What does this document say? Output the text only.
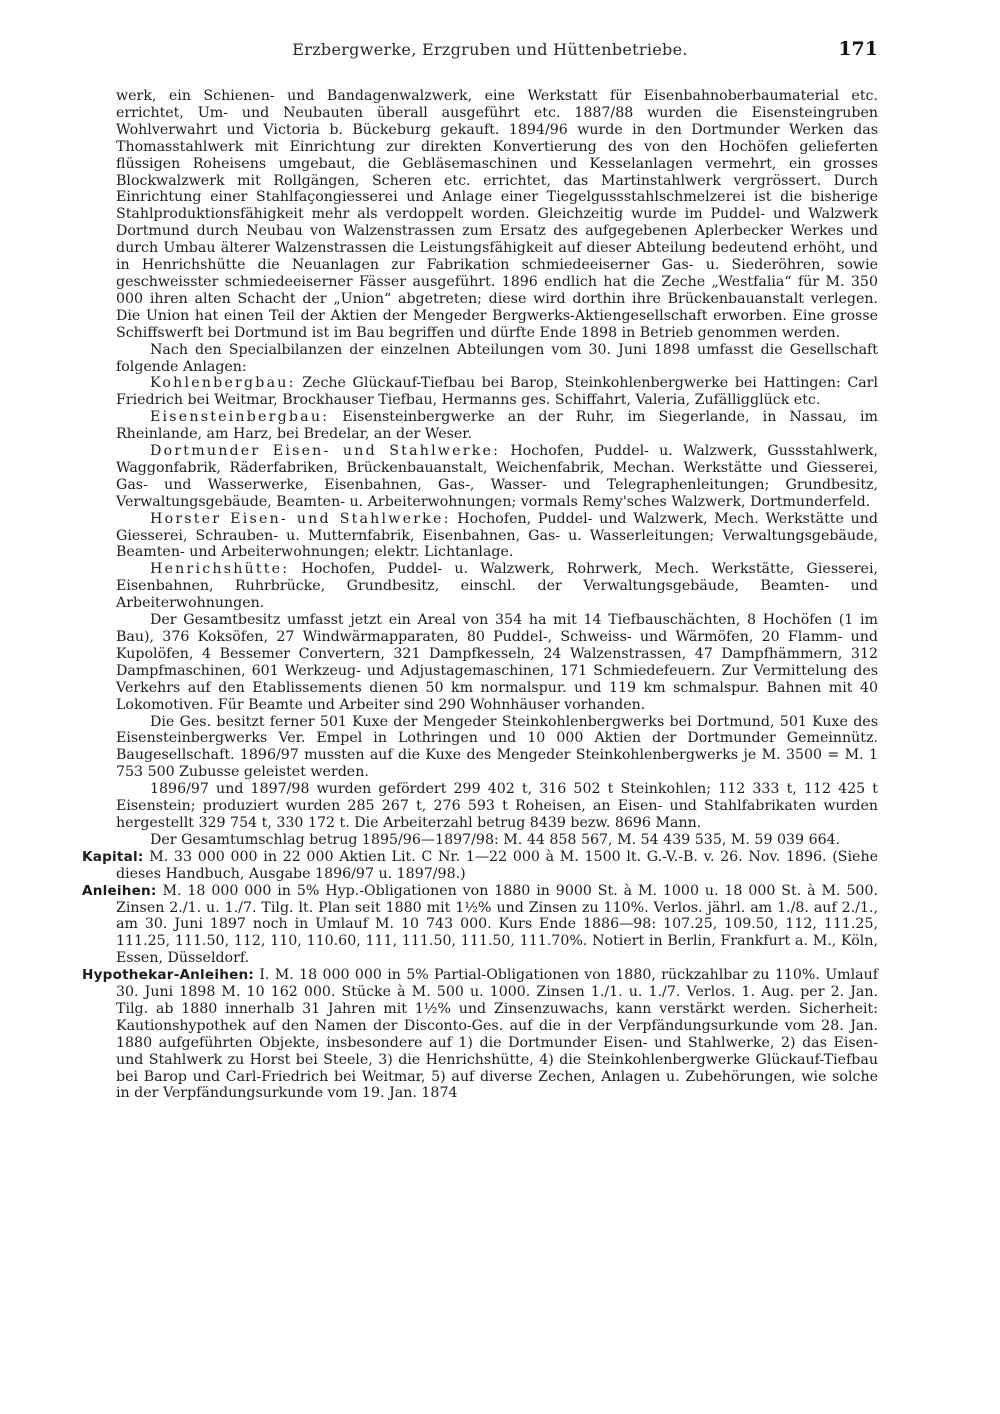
Erzbergwerke, Erzgruben und Hüttenbetriebe.	171

werk, ein Schienen- und Bandagenwalzwerk, eine Werkstatt für Eisenbahnoberbaumaterial etc. errichtet, Um- und Neubauten überall ausgeführt etc. 1887/88 wurden die Eisensteingruben Wohlverwahrt und Victoria b. Bückeburg gekauft. 1894/96 wurde in den Dortmunder Werken das Thomasstahlwerk mit Einrichtung zur direkten Konvertierung des von den Hochöfen gelieferten flüssigen Roheisens umgebaut, die Gebläsemaschinen und Kesselanlagen vermehrt, ein grosses Blockwalzwerk mit Rollgängen, Scheren etc. errichtet, das Martinstahlwerk vergrössert. Durch Einrichtung einer Stahlfaçongiesserei und Anlage einer Tiegelgussstahlschmelzerei ist die bisherige Stahlproduktionsfähigkeit mehr als verdoppelt worden. Gleichzeitig wurde im Puddel- und Walzwerk Dortmund durch Neubau von Walzenstrassen zum Ersatz des aufgegebenen Aplerbecker Werkes und durch Umbau älterer Walzenstrassen die Leistungsfähigkeit auf dieser Abteilung bedeutend erhöht, und in Henrichshütte die Neuanlagen zur Fabrikation schmiedeeiserner Gas- u. Siederöhren, sowie geschweisster schmiedeeiserner Fässer ausgeführt. 1896 endlich hat die Zeche „Westfalia“ für M. 350 000 ihren alten Schacht der „Union“ abgetreten; diese wird dorthin ihre Brückenbauanstalt verlegen. Die Union hat einen Teil der Aktien der Mengeder Bergwerks-Aktiengesellschaft erworben. Eine grosse Schiffswerft bei Dortmund ist im Bau begriffen und dürfte Ende 1898 in Betrieb genommen werden.

Nach den Specialbilanzen der einzelnen Abteilungen vom 30. Juni 1898 umfasst die Gesellschaft folgende Anlagen:

Kohlenbergbau: Zeche Glückauf-Tiefbau bei Barop, Steinkohlenbergwerke bei Hattingen: Carl Friedrich bei Weitmar, Brockhauser Tiefbau, Hermanns ges. Schiffahrt, Valeria, Zufälligglück etc.

Eisensteinbergbau: Eisensteinbergwerke an der Ruhr, im Siegerlande, in Nassau, im Rheinlande, am Harz, bei Bredelar, an der Weser.

Dortmunder Eisen- und Stahlwerke: Hochofen, Puddel- u. Walzwerk, Gussstahlwerk, Waggonfabrik, Räderfabriken, Brückenbauanstalt, Weichenfabrik, Mechan. Werkstätte und Giesserei, Gas- und Wasserwerke, Eisenbahnen, Gas-, Wasser- und Telegraphenleitungen; Grundbesitz, Verwaltungsgebäude, Beamten- u. Arbeiterwohnungen; vormals Remy'sches Walzwerk, Dortmunderfeld.

Horster Eisen- und Stahlwerke: Hochofen, Puddel- und Walzwerk, Mech. Werkstätte und Giesserei, Schrauben- u. Mutternfabrik, Eisenbahnen, Gas- u. Wasserleitungen; Verwaltungsgebäude, Beamten- und Arbeiterwohnungen; elektr. Lichtanlage.

Henrichshütte: Hochofen, Puddel- u. Walzwerk, Rohrwerk, Mech. Werkstätte, Giesserei, Eisenbahnen, Ruhrbrücke, Grundbesitz, einschl. der Verwaltungsgebäude, Beamten- und Arbeiterwohnungen.

Der Gesamtbesitz umfasst jetzt ein Areal von 354 ha mit 14 Tiefbauschächten, 8 Hochöfen (1 im Bau), 376 Koksöfen, 27 Windwärmapparaten, 80 Puddel-, Schweiss- und Wärmöfen, 20 Flamm- und Kupolöfen, 4 Bessemer Convertern, 321 Dampfkesseln, 24 Walzenstrassen, 47 Dampfhämmern, 312 Dampfmaschinen, 601 Werkzeug- und Adjustagemaschinen, 171 Schmiedefeuern. Zur Vermittelung des Verkehrs auf den Etablissements dienen 50 km normalspur. und 119 km schmalspur. Bahnen mit 40 Lokomotiven. Für Beamte und Arbeiter sind 290 Wohnhäuser vorhanden.

Die Ges. besitzt ferner 501 Kuxe der Mengeder Steinkohlenbergwerks bei Dortmund, 501 Kuxe des Eisensteinbergwerks Ver. Empel in Lothringen und 10 000 Aktien der Dortmunder Gemeinnütz. Baugesellschaft. 1896/97 mussten auf die Kuxe des Mengeder Steinkohlenbergwerks je M. 3500 = M. 1 753 500 Zubusse geleistet werden.

1896/97 und 1897/98 wurden gefördert 299 402 t, 316 502 t Steinkohlen; 112 333 t, 112 425 t Eisenstein; produziert wurden 285 267 t, 276 593 t Roheisen, an Eisen- und Stahlfabrikaten wurden hergestellt 329 754 t, 330 172 t. Die Arbeiterzahl betrug 8439 bezw. 8696 Mann.

Der Gesamtumschlag betrug 1895/96—1897/98: M. 44 858 567, M. 54 439 535, M. 59 039 664.

Kapital: M. 33 000 000 in 22 000 Aktien Lit. C Nr. 1—22 000 à M. 1500 lt. G.-V.-B. v. 26. Nov. 1896. (Siehe dieses Handbuch, Ausgabe 1896/97 u. 1897/98.)

Anleihen: M. 18 000 000 in 5% Hyp.-Obligationen von 1880 in 9000 St. à M. 1000 u. 18 000 St. à M. 500. Zinsen 2./1. u. 1./7. Tilg. lt. Plan seit 1880 mit 1½% und Zinsen zu 110%. Verlos. jährl. am 1./8. auf 2./1., am 30. Juni 1897 noch in Umlauf M. 10 743 000. Kurs Ende 1886—98: 107.25, 109.50, 112, 111.25, 111.25, 111.50, 112, 110, 110.60, 111, 111.50, 111.50, 111.70%. Notiert in Berlin, Frankfurt a. M., Köln, Essen, Düsseldorf.

Hypothekar-Anleihen: I. M. 18 000 000 in 5% Partial-Obligationen von 1880, rückzahlbar zu 110%. Umlauf 30. Juni 1898 M. 10 162 000. Stücke à M. 500 u. 1000. Zinsen 1./1. u. 1./7. Verlos. 1. Aug. per 2. Jan. Tilg. ab 1880 innerhalb 31 Jahren mit 1½% und Zinsenzuwachs, kann verstärkt werden. Sicherheit: Kautionshypothek auf den Namen der Disconto-Ges. auf die in der Verpfändungsurkunde vom 28. Jan. 1880 aufgeführten Objekte, insbesondere auf 1) die Dortmunder Eisen- und Stahlwerke, 2) das Eisen- und Stahlwerk zu Horst bei Steele, 3) die Henrichshütte, 4) die Steinkohlenbergwerke Glückauf-Tiefbau bei Barop und Carl-Friedrich bei Weitmar, 5) auf diverse Zechen, Anlagen u. Zubehörungen, wie solche in der Verpfändungsurkunde vom 19. Jan. 1874
